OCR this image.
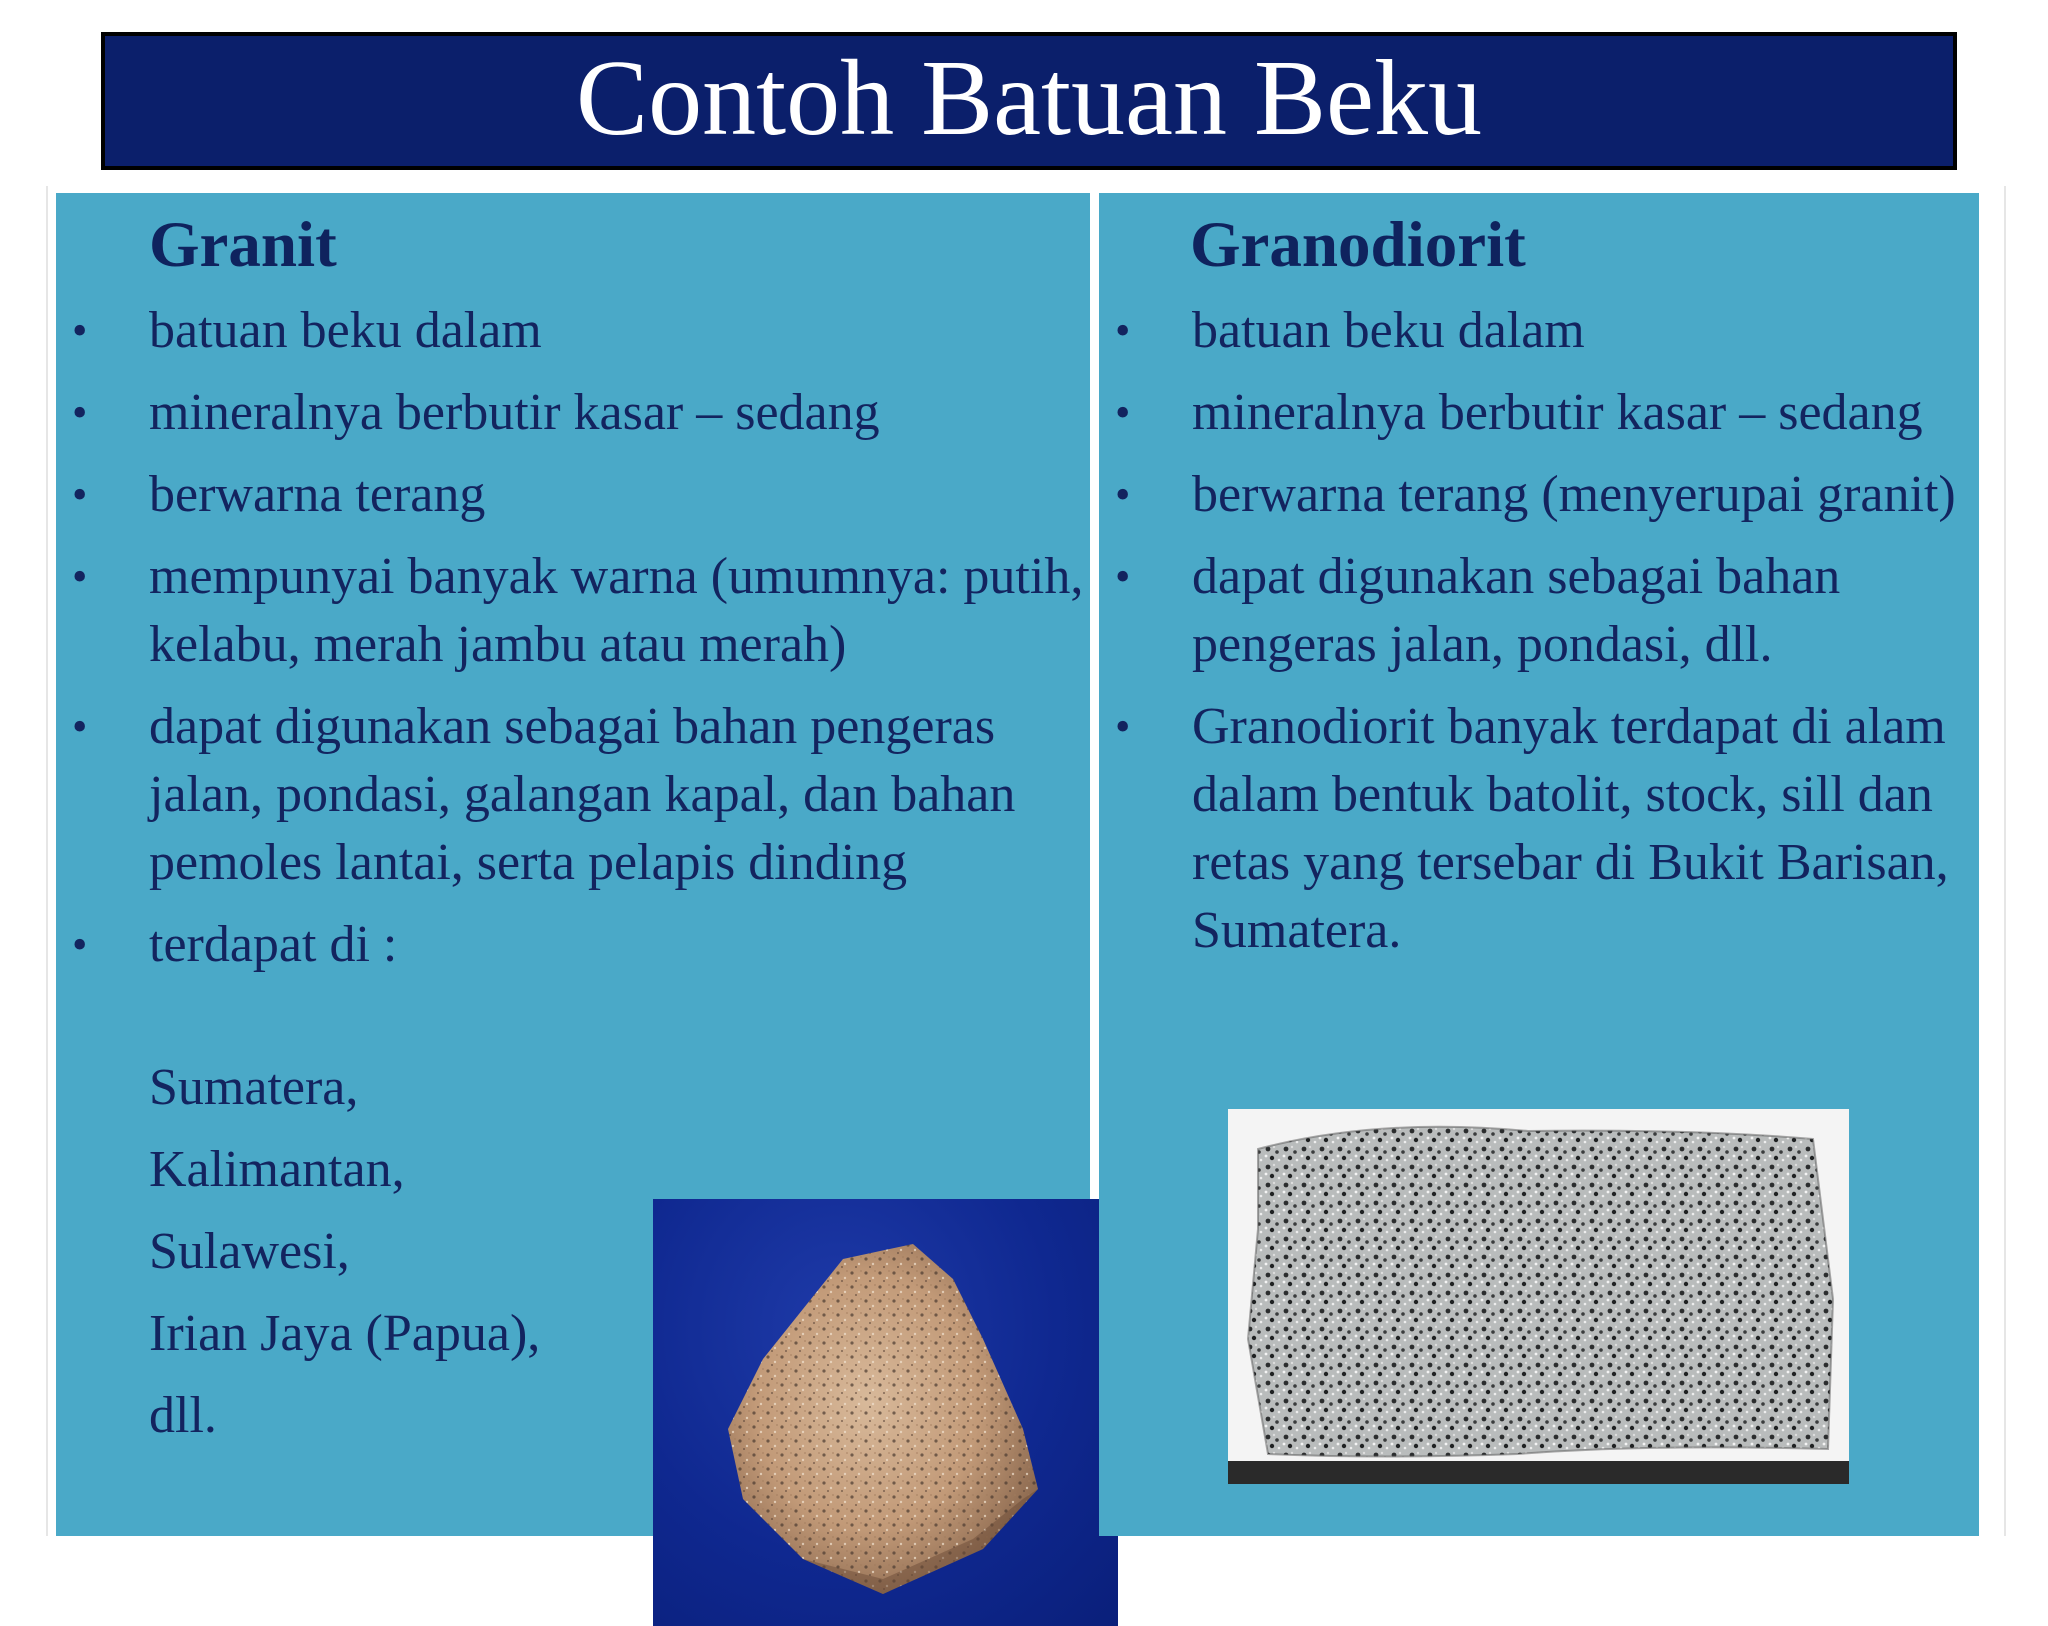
Contoh Batuan Beku
Granit
• batuan beku dalam
• mineralnya berbutir kasar – sedang
• berwarna terang
• mempunyai banyak warna (umumnya: putih, kelabu, merah jambu atau merah)
• dapat digunakan sebagai bahan pengeras jalan, pondasi, galangan kapal, dan bahan pemoles lantai, serta pelapis dinding
• terdapat di :
Sumatera,
Kalimantan,
Sulawesi,
Irian Jaya (Papua),
dll.
Granodiorit
• batuan beku dalam
• mineralnya berbutir kasar – sedang
• berwarna terang (menyerupai granit)
• dapat digunakan sebagai bahan pengeras jalan, pondasi, dll.
• Granodiorit banyak terdapat di alam dalam bentuk batolit, stock, sill dan retas yang tersebar di Bukit Barisan, Sumatera.
